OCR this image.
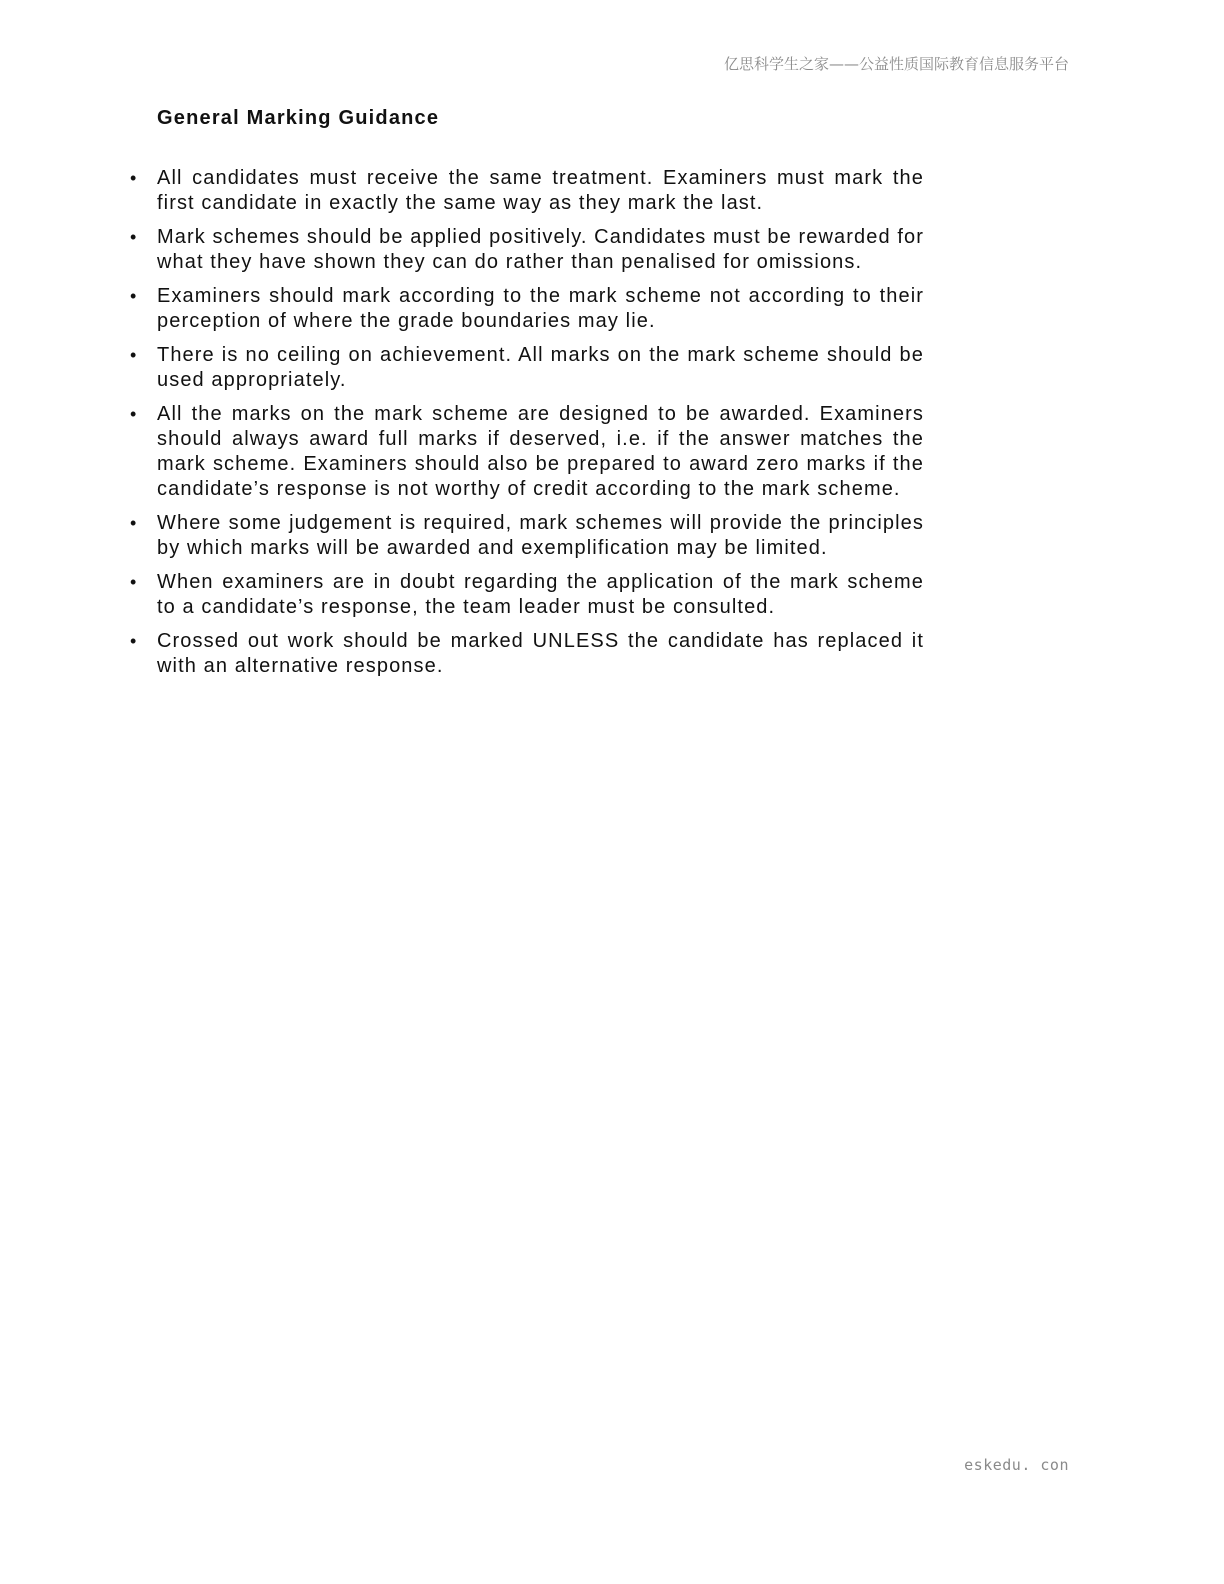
亿思科学生之家——公益性质国际教育信息服务平台
General Marking Guidance
• All candidates must receive the same treatment. Examiners must mark the first candidate in exactly the same way as they mark the last.
• Mark schemes should be applied positively. Candidates must be rewarded for what they have shown they can do rather than penalised for omissions.
• Examiners should mark according to the mark scheme not according to their perception of where the grade boundaries may lie.
• There is no ceiling on achievement. All marks on the mark scheme should be used appropriately.
• All the marks on the mark scheme are designed to be awarded. Examiners should always award full marks if deserved, i.e. if the answer matches the mark scheme. Examiners should also be prepared to award zero marks if the candidate’s response is not worthy of credit according to the mark scheme.
• Where some judgement is required, mark schemes will provide the principles by which marks will be awarded and exemplification may be limited.
• When examiners are in doubt regarding the application of the mark scheme to a candidate’s response, the team leader must be consulted.
• Crossed out work should be marked UNLESS the candidate has replaced it with an alternative response.
eskedu. con
